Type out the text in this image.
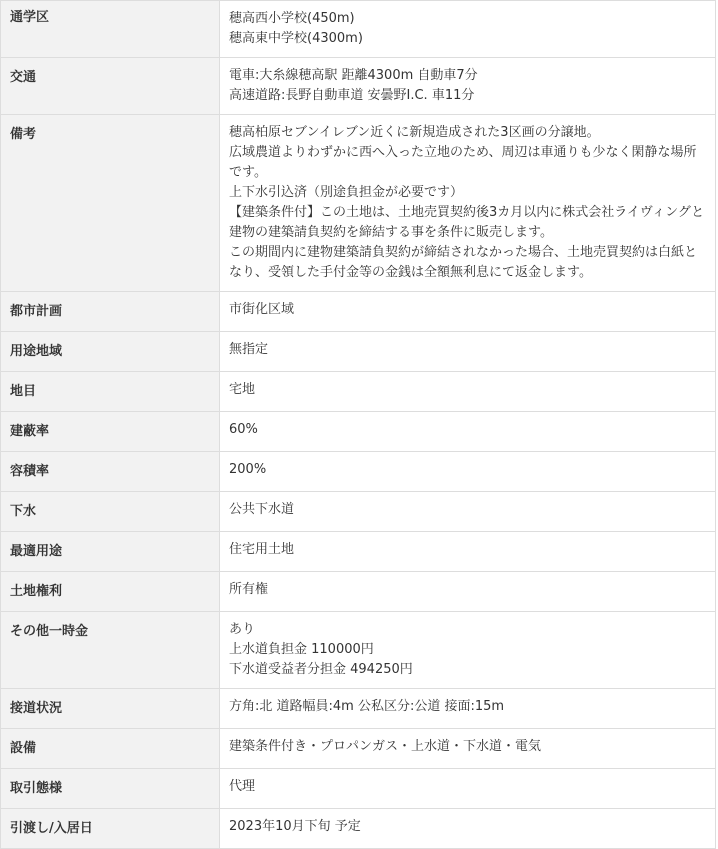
通学区	穂高西小学校(450m)
穂高東中学校(4300m)

交通	電車:大糸線穂高駅 距離4300m 自動車7分
高速道路:長野自動車道 安曇野I.C. 車11分

備考	穂高柏原セブンイレブン近くに新規造成された3区画の分譲地。
広域農道よりわずかに西へ入った立地のため、周辺は車通りも少なく閑静な場所です。
上下水引込済（別途負担金が必要です）
【建築条件付】この土地は、土地売買契約後3カ月以内に株式会社ライヴィングと建物の建築請負契約を締結する事を条件に販売します。
この期間内に建物建築請負契約が締結されなかった場合、土地売買契約は白紙となり、受領した手付金等の金銭は全額無利息にて返金します。

都市計画	市街化区域

用途地域	無指定

地目	宅地

建蔽率	60%

容積率	200%

下水	公共下水道

最適用途	住宅用土地

土地権利	所有権

その他一時金	あり
上水道負担金 110000円
下水道受益者分担金 494250円

接道状況	方角:北 道路幅員:4m 公私区分:公道 接面:15m

設備	建築条件付き・プロパンガス・上水道・下水道・電気

取引態様	代理

引渡し/入居日	2023年10月下旬 予定
